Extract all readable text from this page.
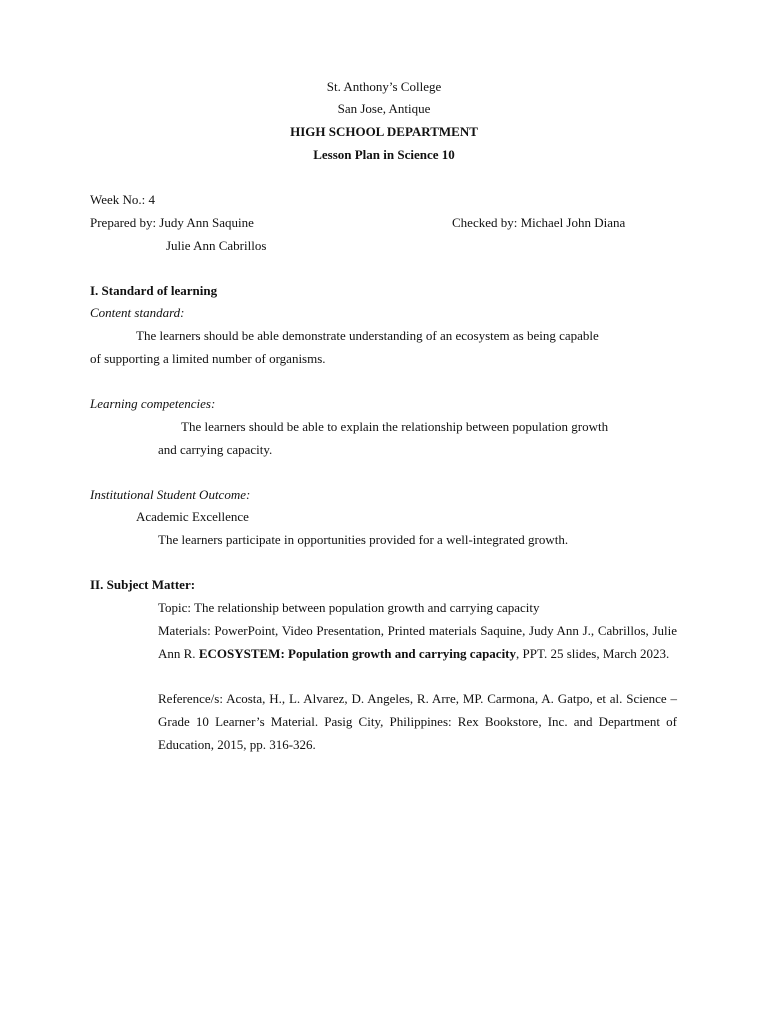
St. Anthony’s College
San Jose, Antique
HIGH SCHOOL DEPARTMENT
Lesson Plan in Science 10
Week No.: 4
Prepared by: Judy Ann Saquine	Checked by: Michael John Diana
Julie Ann Cabrillos
I. Standard of learning
Content standard:
The learners should be able demonstrate understanding of an ecosystem as being capable
of supporting a limited number of organisms.
Learning competencies:
The learners should be able to explain the relationship between population growth
and carrying capacity.
Institutional Student Outcome:
Academic Excellence
The learners participate in opportunities provided for a well-integrated growth.
II. Subject Matter:
Topic: The relationship between population growth and carrying capacity
Materials: PowerPoint, Video Presentation, Printed materials Saquine, Judy Ann J., Cabrillos, Julie Ann R. ECOSYSTEM: Population growth and carrying capacity, PPT. 25 slides, March 2023.
Reference/s: Acosta, H., L. Alvarez, D. Angeles, R. Arre, MP. Carmona, A. Gatpo, et al. Science – Grade 10 Learner’s Material. Pasig City, Philippines: Rex Bookstore, Inc. and Department of Education, 2015, pp. 316-326.
